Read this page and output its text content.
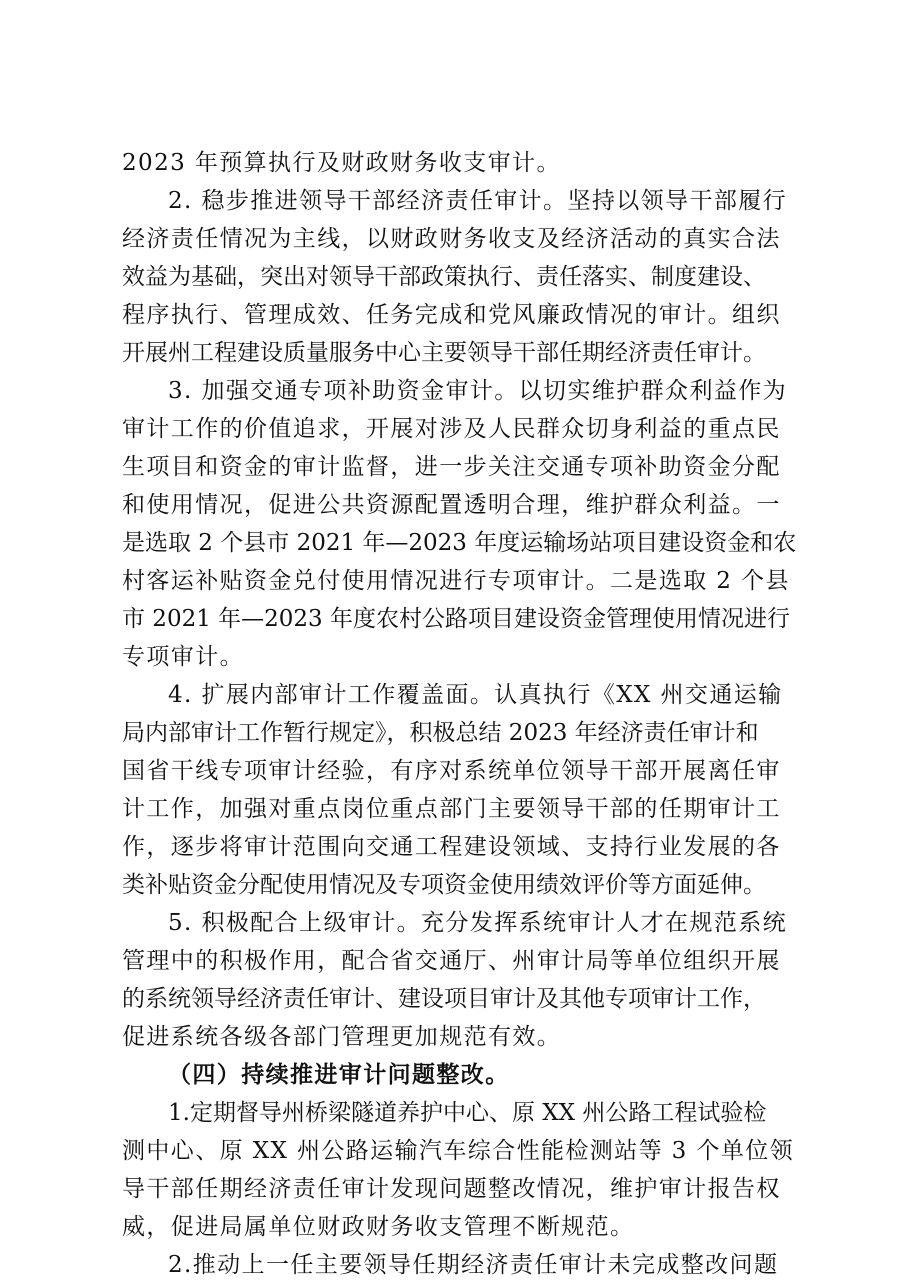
2023 年预算执行及财政财务收支审计。
2. 稳步推进领导干部经济责任审计。坚持以领导干部履行
经济责任情况为主线，以财政财务收支及经济活动的真实合法
效益为基础，突出对领导干部政策执行、责任落实、制度建设、
程序执行、管理成效、任务完成和党风廉政情况的审计。组织
开展州工程建设质量服务中心主要领导干部任期经济责任审计。
3. 加强交通专项补助资金审计。以切实维护群众利益作为
审计工作的价值追求，开展对涉及人民群众切身利益的重点民
生项目和资金的审计监督，进一步关注交通专项补助资金分配
和使用情况，促进公共资源配置透明合理，维护群众利益。一
是选取 2 个县市 2021 年—2023 年度运输场站项目建设资金和农
村客运补贴资金兑付使用情况进行专项审计。二是选取 2 个县
市 2021 年—2023 年度农村公路项目建设资金管理使用情况进行
专项审计。
4. 扩展内部审计工作覆盖面。认真执行《XX 州交通运输
局内部审计工作暂行规定》，积极总结 2023 年经济责任审计和
国省干线专项审计经验，有序对系统单位领导干部开展离任审
计工作，加强对重点岗位重点部门主要领导干部的任期审计工
作，逐步将审计范围向交通工程建设领域、支持行业发展的各
类补贴资金分配使用情况及专项资金使用绩效评价等方面延伸。
5. 积极配合上级审计。充分发挥系统审计人才在规范系统
管理中的积极作用，配合省交通厅、州审计局等单位组织开展
的系统领导经济责任审计、建设项目审计及其他专项审计工作，
促进系统各级各部门管理更加规范有效。
（四）持续推进审计问题整改。
1.定期督导州桥梁隧道养护中心、原 XX 州公路工程试验检
测中心、原 XX 州公路运输汽车综合性能检测站等 3 个单位领
导干部任期经济责任审计发现问题整改情况，维护审计报告权
威，促进局属单位财政财务收支管理不断规范。
2.推动上一任主要领导任期经济责任审计未完成整改问题
